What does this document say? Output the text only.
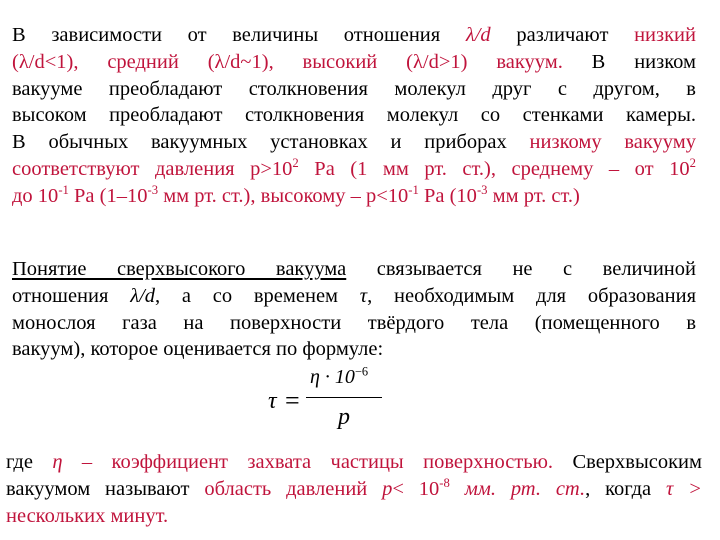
В зависимости от величины отношения λ/d различают низкий
(λ/d<1), средний (λ/d~1), высокий (λ/d>1) вакуум. В низком
вакууме преобладают столкновения молекул друг с другом, в
высоком преобладают столкновения молекул со стенками камеры.
В обычных вакуумных установках и приборах низкому вакууму
соответствуют давления $p>10^2$ Pa (1 мм рт. ст.), среднему – от $10^2$
до $10^{-1}$ Pa ($1-10^{-3}$ мм рт. ст.), высокому – $p<10^{-1}$ Pa ($10^{-3}$ мм рт. ст.)
Понятие сверхвысокого вакуума связывается не с величиной
отношения λ/d, а со временем τ, необходимым для образования
монослоя газа на поверхности твёрдого тела (помещенного в
вакуум), которое оценивается по формуле:
τ =
$\eta \cdot 10^{-6}$
p
где η – коэффициент захвата частицы поверхностью. Сверхвысоким
вакуумом называют область давлений $p< 10^{-8}$ мм. рт. ст., когда τ >
нескольких минут.
